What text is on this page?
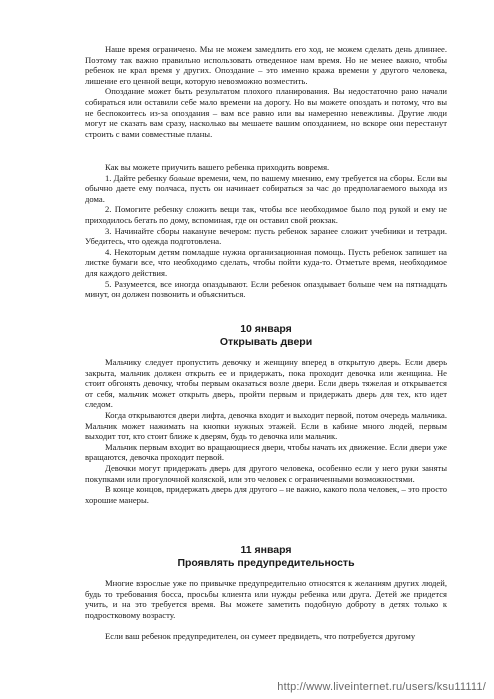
Наше время ограничено. Мы не можем замедлить его ход, не можем сделать день длиннее. Поэтому так важно правильно использовать отведенное нам время. Но не менее важно, чтобы ребенок не крал время у других. Опоздание – это именно кража времени у другого человека, лишение его ценной вещи, которую невозможно возместить.

Опоздание может быть результатом плохого планирования. Вы недостаточно рано начали собираться или оставили себе мало времени на дорогу. Но вы можете опоздать и потому, что вы не беспокоитесь из-за опоздания – вам все равно или вы намеренно невежливы. Другие люди могут не сказать вам сразу, насколько вы мешаете вашим опозданием, но вскоре они перестанут строить с вами совместные планы.

Как вы можете приучить вашего ребенка приходить вовремя.

1. Дайте ребенку больше времени, чем, по вашему мнению, ему требуется на сборы. Если вы обычно даете ему полчаса, пусть он начинает собираться за час до предполагаемого выхода из дома.

2. Помогите ребенку сложить вещи так, чтобы все необходимое было под рукой и ему не приходилось бегать по дому, вспоминая, где он оставил свой рюкзак.

3. Начинайте сборы накануне вечером: пусть ребенок заранее сложит учебники и тетради. Убедитесь, что одежда подготовлена.

4. Некоторым детям помладше нужна организационная помощь. Пусть ребенок запишет на листке бумаги все, что необходимо сделать, чтобы пойти куда-то. Отметьте время, необходимое для каждого действия.

5. Разумеется, все иногда опаздывают. Если ребенок опаздывает больше чем на пятнадцать минут, он должен позвонить и объясниться.

10 января
Открывать двери

Мальчику следует пропустить девочку и женщину вперед в открытую дверь. Если дверь закрыта, мальчик должен открыть ее и придержать, пока проходит девочка или женщина. Не стоит обгонять девочку, чтобы первым оказаться возле двери. Если дверь тяжелая и открывается от себя, мальчик может открыть дверь, пройти первым и придержать дверь для тех, кто идет следом.

Когда открываются двери лифта, девочка входит и выходит первой, потом очередь мальчика. Мальчик может нажимать на кнопки нужных этажей. Если в кабине много людей, первым выходит тот, кто стоит ближе к дверям, будь то девочка или мальчик.

Мальчик первым входит во вращающиеся двери, чтобы начать их движение. Если двери уже вращаются, девочка проходит первой.

Девочки могут придержать дверь для другого человека, особенно если у него руки заняты покупками или прогулочной коляской, или это человек с ограниченными возможностями.

В конце концов, придержать дверь для другого – не важно, какого пола человек, – это просто хорошие манеры.

11 января
Проявлять предупредительность

Многие взрослые уже по привычке предупредительно относятся к желаниям других людей, будь то требования босса, просьбы клиента или нужды ребенка или друга. Детей же придется учить, и на это требуется время. Вы можете заметить подобную доброту в детях только к подростковому возрасту.

Если ваш ребенок предупредителен, он сумеет предвидеть, что потребуется другому

http://www.liveinternet.ru/users/ksu11111/
